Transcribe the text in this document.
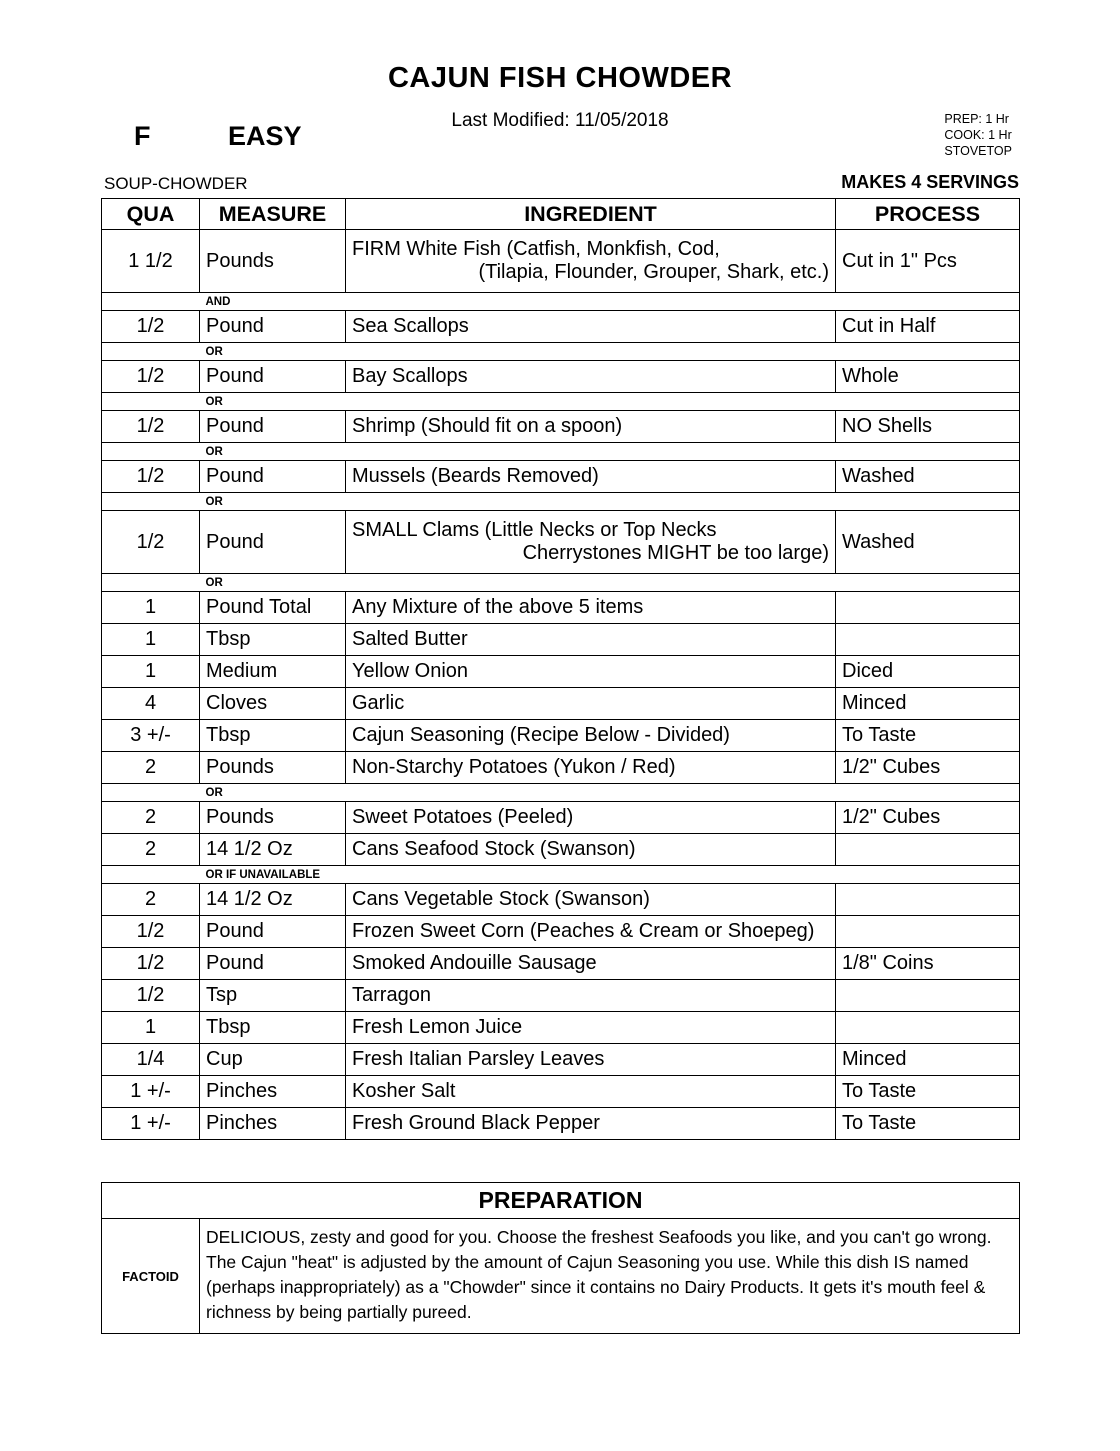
CAJUN FISH CHOWDER
Last Modified: 11/05/2018
F	EASY
PREP: 1 Hr
COOK: 1 Hr
STOVETOP
SOUP-CHOWDER	MAKES 4 SERVINGS
QUA	MEASURE	INGREDIENT	PROCESS
1 1/2	Pounds	FIRM White Fish (Catfish, Monkfish, Cod,
(Tilapia, Flounder, Grouper, Shark, etc.)	Cut in 1" Pcs
	AND		
1/2	Pound	Sea Scallops	Cut in Half
	OR		
1/2	Pound	Bay Scallops	Whole
	OR		
1/2	Pound	Shrimp (Should fit on a spoon)	NO Shells
	OR		
1/2	Pound	Mussels (Beards Removed)	Washed
	OR		
1/2	Pound	SMALL Clams (Little Necks or Top Necks
Cherrystones MIGHT be too large)	Washed
	OR		
1	Pound Total	Any Mixture of the above 5 items	
1	Tbsp	Salted Butter	
1	Medium	Yellow Onion	Diced
4	Cloves	Garlic	Minced
3 +/-	Tbsp	Cajun Seasoning (Recipe Below - Divided)	To Taste
2	Pounds	Non-Starchy Potatoes (Yukon / Red)	1/2" Cubes
	OR		
2	Pounds	Sweet Potatoes (Peeled)	1/2" Cubes
2	14 1/2 Oz	Cans Seafood Stock (Swanson)	
	OR IF UNAVAILABLE		
2	14 1/2 Oz	Cans Vegetable Stock (Swanson)	
1/2	Pound	Frozen Sweet Corn (Peaches & Cream or Shoepeg)	
1/2	Pound	Smoked Andouille Sausage	1/8" Coins
1/2	Tsp	Tarragon	
1	Tbsp	Fresh Lemon Juice	
1/4	Cup	Fresh Italian Parsley Leaves	Minced
1 +/-	Pinches	Kosher Salt	To Taste
1 +/-	Pinches	Fresh Ground Black Pepper	To Taste
PREPARATION
FACTOID	DELICIOUS, zesty and good for you. Choose the freshest Seafoods you like, and you can't go wrong. The Cajun "heat" is adjusted by the amount of Cajun Seasoning you use. While this dish IS named (perhaps inappropriately) as a "Chowder" since it contains no Dairy Products. It gets it's mouth feel & richness by being partially pureed.
